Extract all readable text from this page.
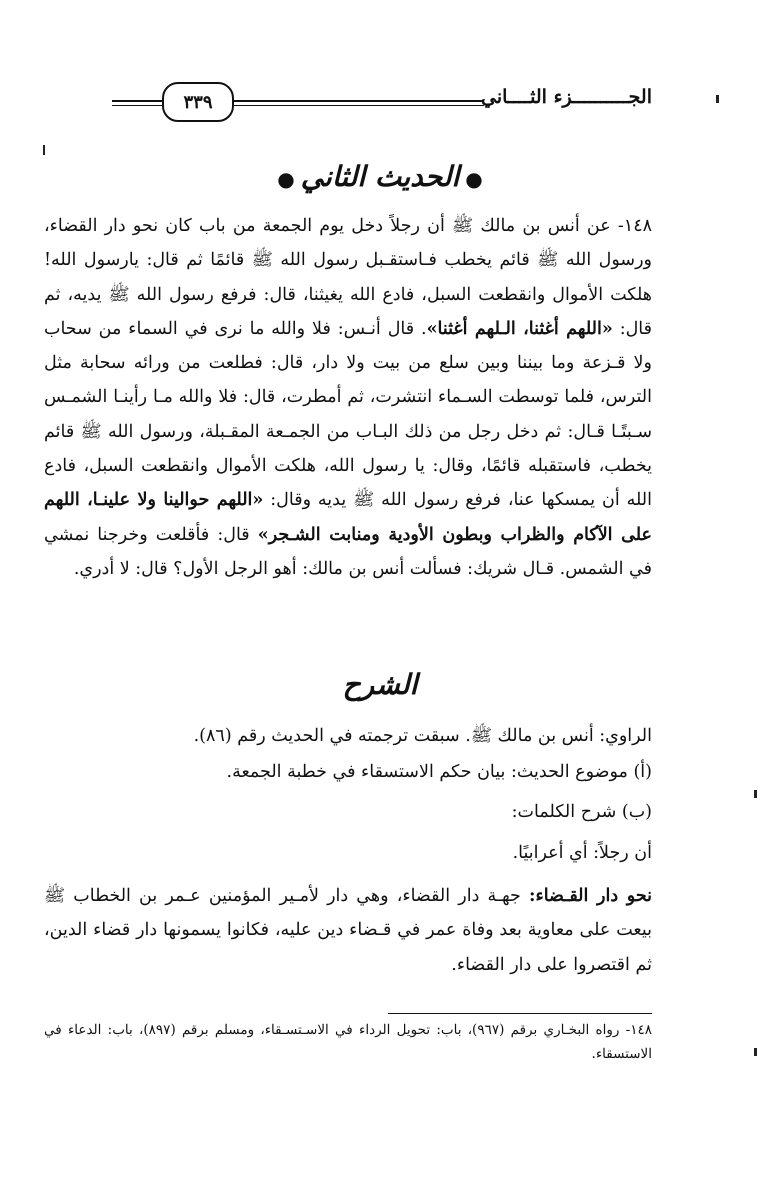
الجــــــــــزء الثــــاني
٣٣٩
●الحديث الثاني●

١٤٨- عن أنس بن مالك ﷺ أن رجلاً دخل يوم الجمعة من باب كان نحو دار القضاء، ورسول الله ﷺ قائم يخطب فـاستقـبل رسول الله ﷺ قائمًا ثم قال: يارسول الله! هلكت الأموال وانقطعت السبل، فادع الله يغيثنا، قال: فرفع رسول الله ﷺ يديه، ثم قال: «اللهم أغثنا، الـلهم أغثنا». قال أنـس: فلا والله ما نرى في السماء من سحاب ولا قـزعة وما بيننا وبين سلع من بيت ولا دار، قال: فطلعت من ورائه سحابة مثل الترس، فلما توسطت السـماء انتشرت، ثم أمطرت، قال: فلا والله مـا رأينـا الشمـس سـبتًـا قـال: ثم دخل رجل من ذلك البـاب من الجمـعة المقـبلة، ورسول الله ﷺ قائم يخطب، فاستقبله قائمًا، وقال: يا رسول الله، هلكت الأموال وانقطعت السبل، فادع الله أن يمسكها عنا، فرفع رسول الله ﷺ يديه وقال: «اللهم حوالينا ولا علينـا، اللهم على الآكام والظراب وبطون الأودية ومنابت الشـجر» قال: فأقلعت وخرجنا نمشي في الشمس. قـال شريك: فسألت أنس بن مالك: أهو الرجل الأول؟ قال: لا أدري.

الشرح
الراوي: أنس بن مالك ﷺ. سبقت ترجمته في الحديث رقم (٨٦).
(أ) موضوع الحديث: بيان حكم الاستسقاء في خطبة الجمعة.
(ب) شرح الكلمات:
أن رجلاً: أي أعرابيًا.
نحو دار القـضاء: جهـة دار القضاء، وهي دار لأمـير المؤمنين عـمر بن الخطاب ﷺ بيعت على معاوية بعد وفاة عمر في قـضاء دين عليه، فكانوا يسمونها دار قضاء الدين، ثم اقتصروا على دار القضاء.
١٤٨- رواه البخـاري برقم (٩٦٧)، باب: تحويل الرداء في الاسـتسـقاء، ومسلم برقم (٨٩٧)، باب: الدعاء في الاستسقاء.
